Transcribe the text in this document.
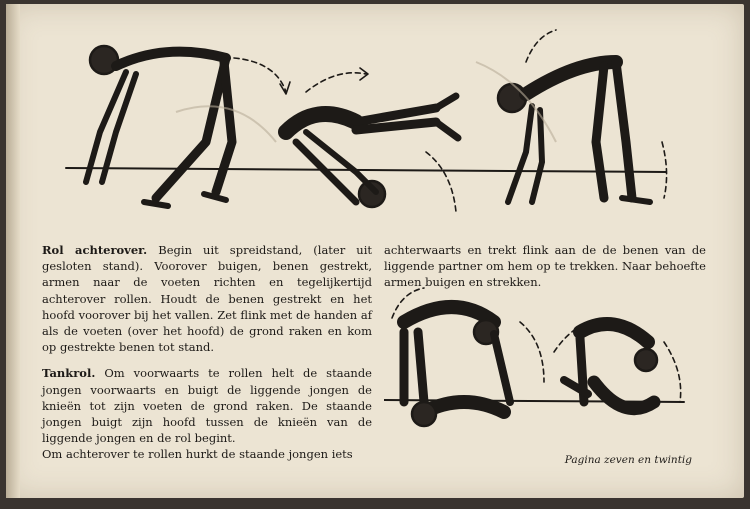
Rol achterover. Begin uit spreidstand, (later uit gesloten stand). Voorover buigen, benen gestrekt, armen naar de voeten richten en tegelijkertijd achterover rollen. Houdt de benen gestrekt en het hoofd voorover bij het vallen. Zet flink met de handen af als de voeten (over het hoofd) de grond raken en kom op gestrekte benen tot stand.

Tankrol. Om voorwaarts te rollen helt de staande jongen voorwaarts en buigt de liggende jongen de knieën tot zijn voeten de grond raken. De staande jongen buigt zijn hoofd tussen de knieën van de liggende jongen en de rol begint.

Om achterover te rollen hurkt de staande jongen iets

achterwaarts en trekt flink aan de de benen van de liggende partner om hem op te trekken. Naar behoefte armen buigen en strekken.

Pagina zeven en twintig
